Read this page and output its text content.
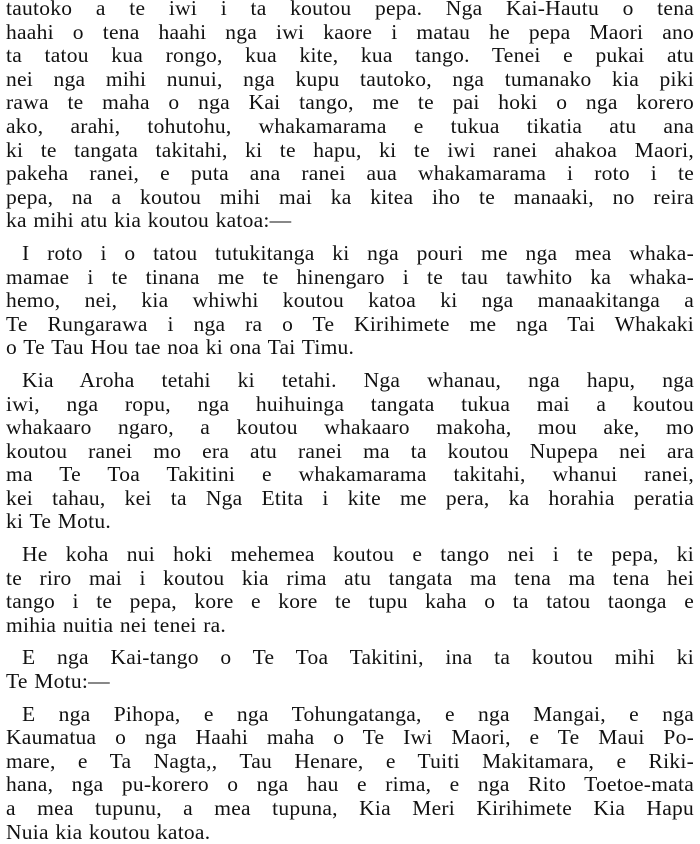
tautoko a te iwi i ta koutou pepa. Nga Kai-Hautu o tena
haahi o tena haahi nga iwi kaore i matau he pepa Maori ano
ta tatou kua rongo, kua kite, kua tango. Tenei e pukai atu
nei nga mihi nunui, nga kupu tautoko, nga tumanako kia piki
rawa te maha o nga Kai tango, me te pai hoki o nga korero
ako, arahi, tohutohu, whakamarama e tukua tikatia atu ana
ki te tangata takitahi, ki te hapu, ki te iwi ranei ahakoa Maori,
pakeha ranei, e puta ana ranei aua whakamarama i roto i te
pepa, na a koutou mihi mai ka kitea iho te manaaki, no reira
ka mihi atu kia koutou katoa:—
I roto i o tatou tutukitanga ki nga pouri me nga mea whaka-
mamae i te tinana me te hinengaro i te tau tawhito ka whaka-
hemo, nei, kia whiwhi koutou katoa ki nga manaakitanga a
Te Rungarawa i nga ra o Te Kirihimete me nga Tai Whakaki
o Te Tau Hou tae noa ki ona Tai Timu.
Kia Aroha tetahi ki tetahi. Nga whanau, nga hapu, nga
iwi, nga ropu, nga huihuinga tangata tukua mai a koutou
whakaaro ngaro, a koutou whakaaro makoha, mou ake, mo
koutou ranei mo era atu ranei ma ta koutou Nupepa nei ara
ma Te Toa Takitini e whakamarama takitahi, whanui ranei,
kei tahau, kei ta Nga Etita i kite me pera, ka horahia peratia
ki Te Motu.
He koha nui hoki mehemea koutou e tango nei i te pepa, ki
te riro mai i koutou kia rima atu tangata ma tena ma tena hei
tango i te pepa, kore e kore te tupu kaha o ta tatou taonga e
mihia nuitia nei tenei ra.
E nga Kai-tango o Te Toa Takitini, ina ta koutou mihi ki
Te Motu:—
E nga Pihopa, e nga Tohungatanga, e nga Mangai, e nga
Kaumatua o nga Haahi maha o Te Iwi Maori, e Te Maui Po-
mare, e Ta Nagta,, Tau Henare, e Tuiti Makitamara, e Riki-
hana, nga pu-korero o nga hau e rima, e nga Rito Toetoe-mata
a mea tupunu, a mea tupuna, Kia Meri Kirihimete Kia Hapu
Nuia kia koutou katoa.
